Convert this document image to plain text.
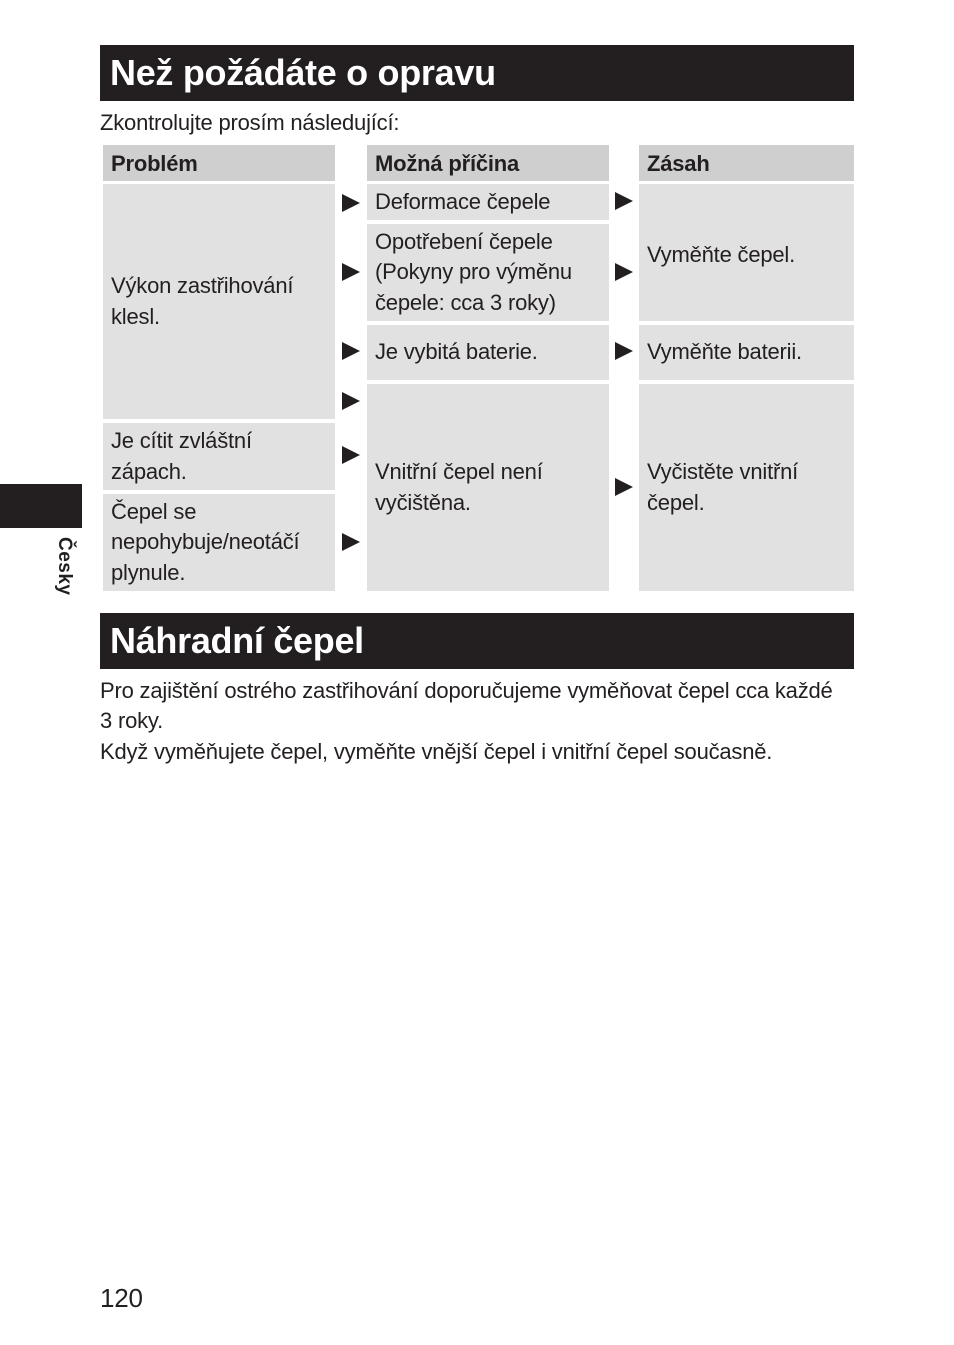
Česky
Než požádáte o opravu
Zkontrolujte prosím následující:
Problém	Možná příčina	Zásah
Výkon zastřihování klesl.
Je cítit zvláštní zápach.
Čepel se nepohybuje/neotáčí plynule.
Deformace čepele
Opotřebení čepele (Pokyny pro výměnu čepele: cca 3 roky)
Je vybitá baterie.
Vnitřní čepel není vyčištěna.
Vyměňte čepel.
Vyměňte baterii.
Vyčistěte vnitřní čepel.
Náhradní čepel
Pro zajištění ostrého zastřihování doporučujeme vyměňovat čepel cca každé 3 roky.
Když vyměňujete čepel, vyměňte vnější čepel i vnitřní čepel současně.
120
